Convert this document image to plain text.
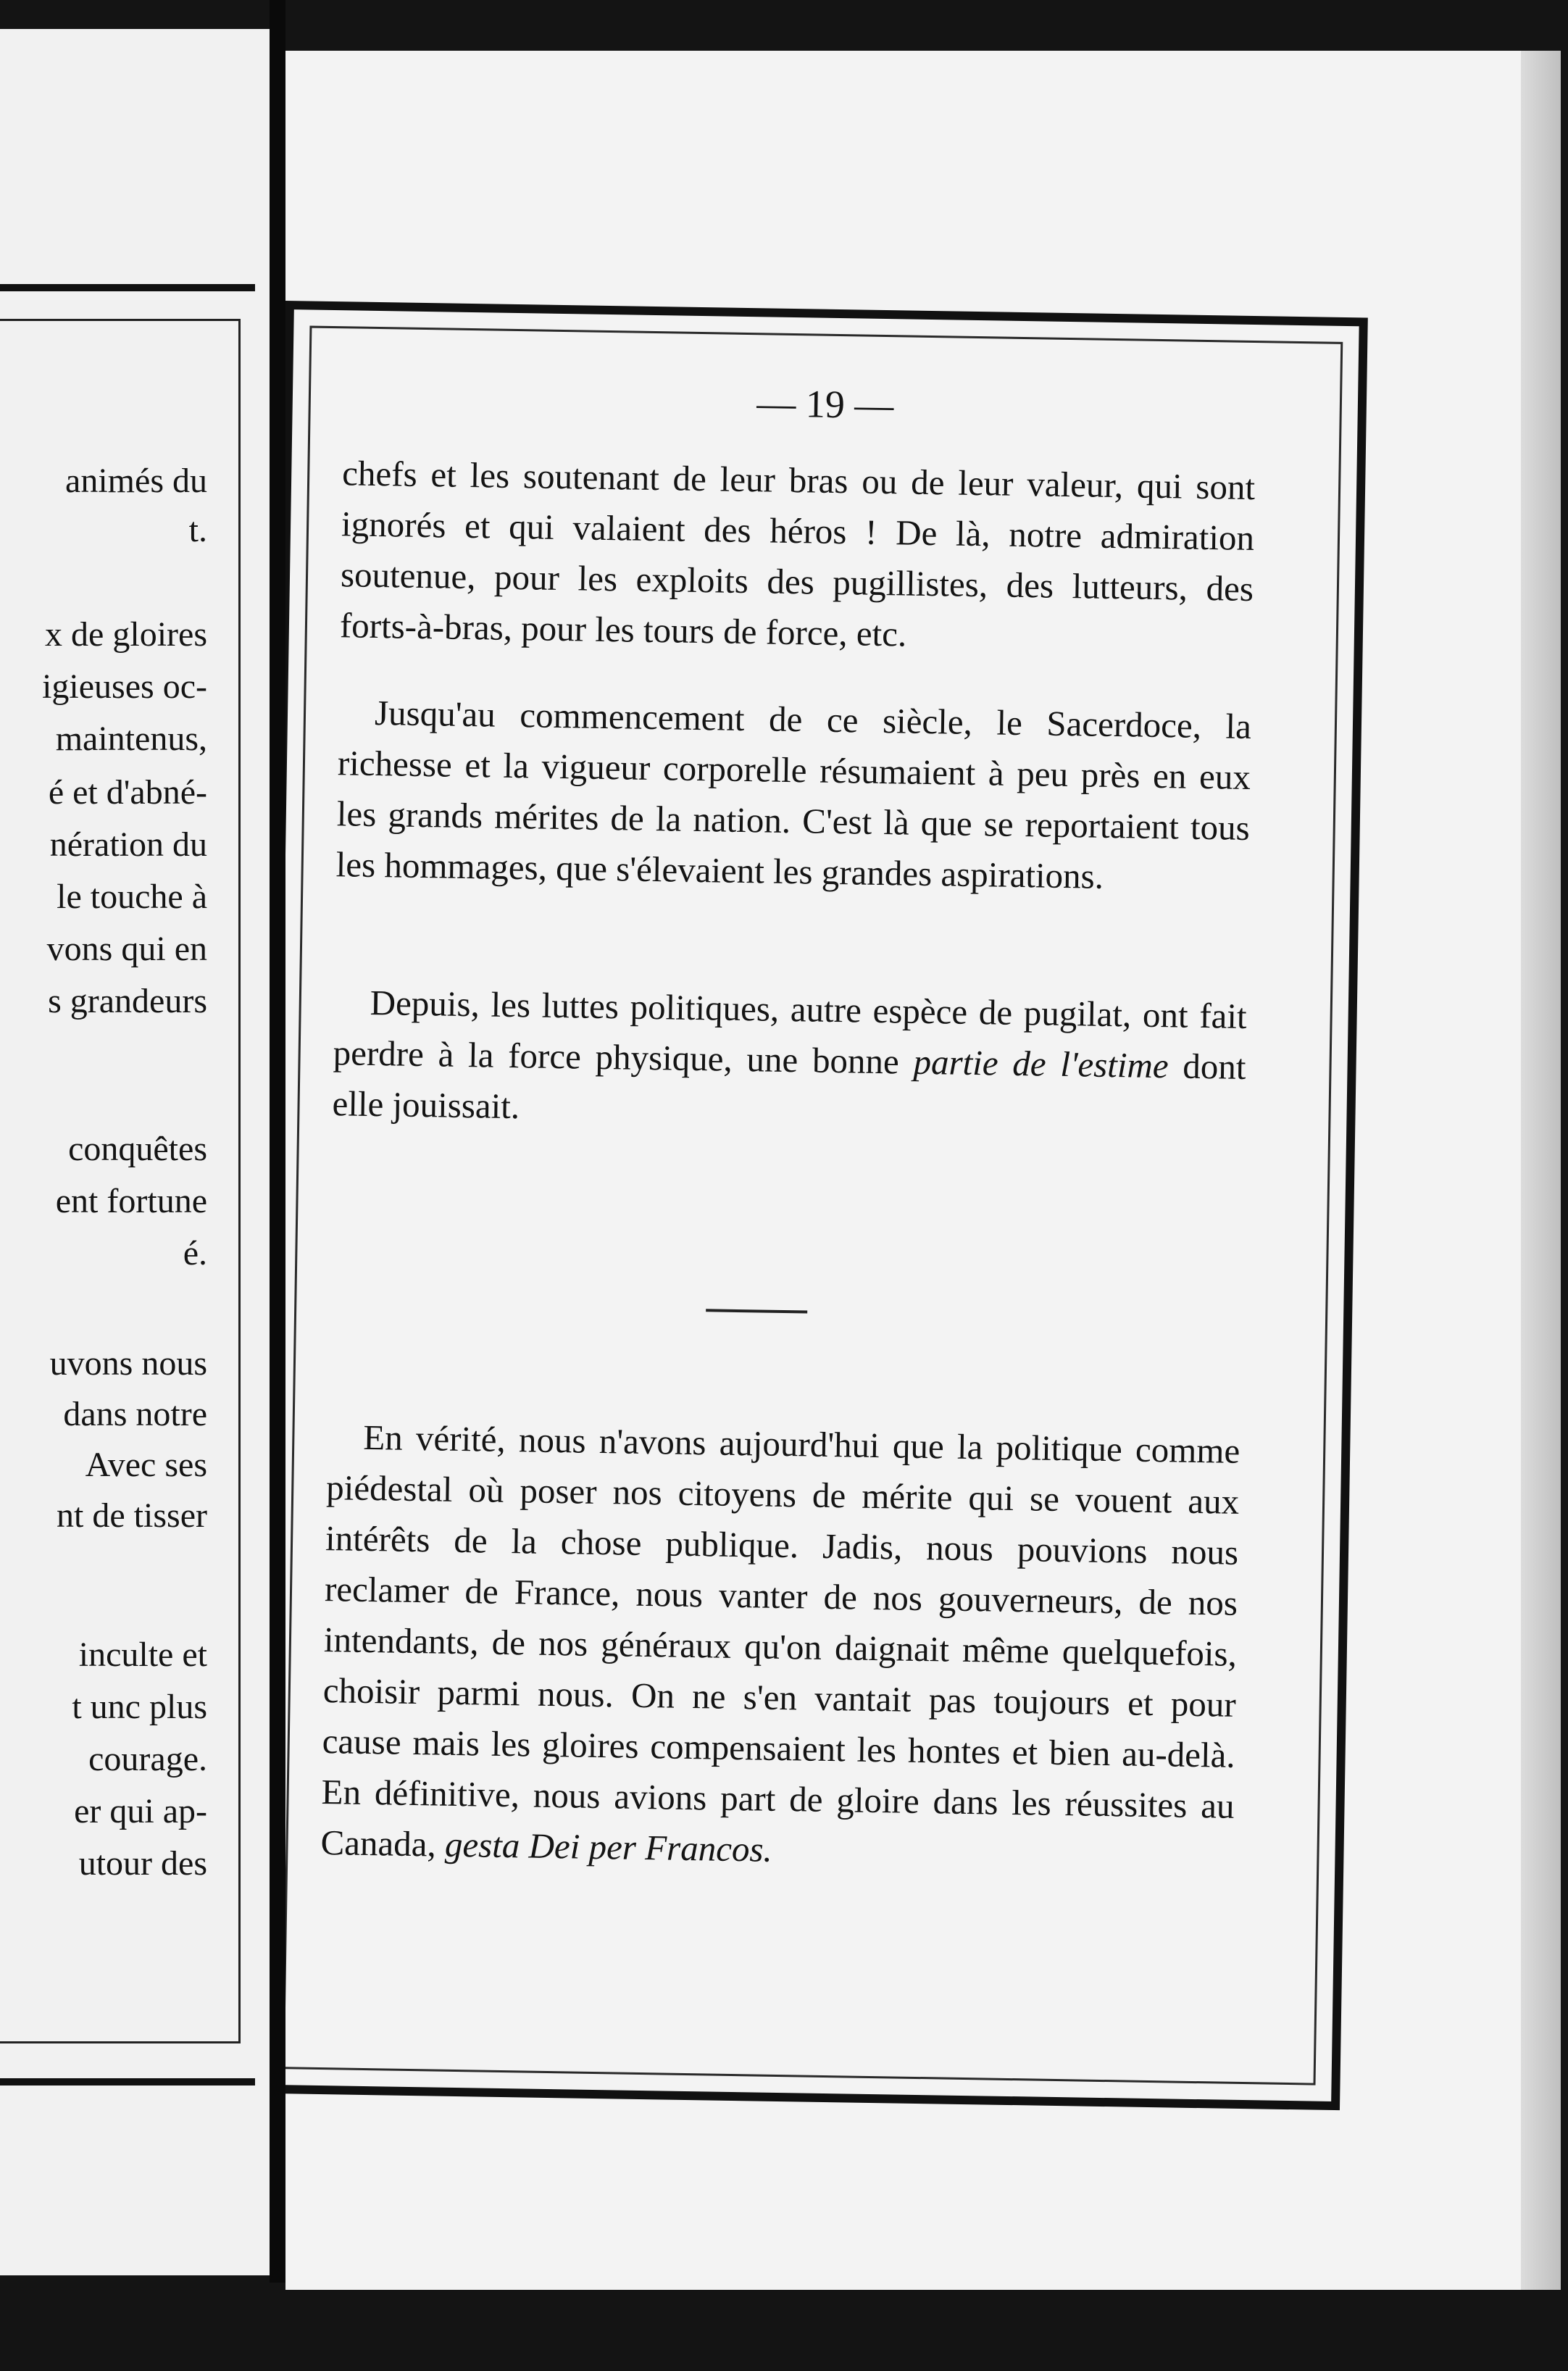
animés du

t.

x de gloires

igieuses oc-

maintenus,

é et d'abné-

nération du

le touche à

vons qui en

s grandeurs

conquêtes

ent fortune

é.

uvons nous

dans notre

Avec ses

nt de tisser

inculte et

t unc plus

courage.

er qui ap-

utour des

— 19 —

chefs et les soutenant de leur bras ou de leur valeur, qui sont ignorés et qui valaient des héros ! De là, notre admiration soutenue, pour les exploits des pugillistes, des lutteurs, des forts-à-bras, pour les tours de force, etc.

Jusqu'au commencement de ce siècle, le Sacerdoce, la richesse et la vigueur corporelle résumaient à peu près en eux les grands mérites de la nation. C'est là que se reportaient tous les hommages, que s'élevaient les grandes aspirations.

Depuis, les luttes politiques, autre espèce de pugilat, ont fait perdre à la force physique, une bonne partie de l'estime dont elle jouissait.

En vérité, nous n'avons aujourd'hui que la politique comme piédestal où poser nos citoyens de mérite qui se vouent aux intérêts de la chose publique. Jadis, nous pouvions nous reclamer de France, nous vanter de nos gouverneurs, de nos intendants, de nos généraux qu'on daignait même quelquefois, choisir parmi nous. On ne s'en vantait pas toujours et pour cause mais les gloires compensaient les hontes et bien au-delà. En définitive, nous avions part de gloire dans les réussites au Canada, gesta Dei per Francos.
